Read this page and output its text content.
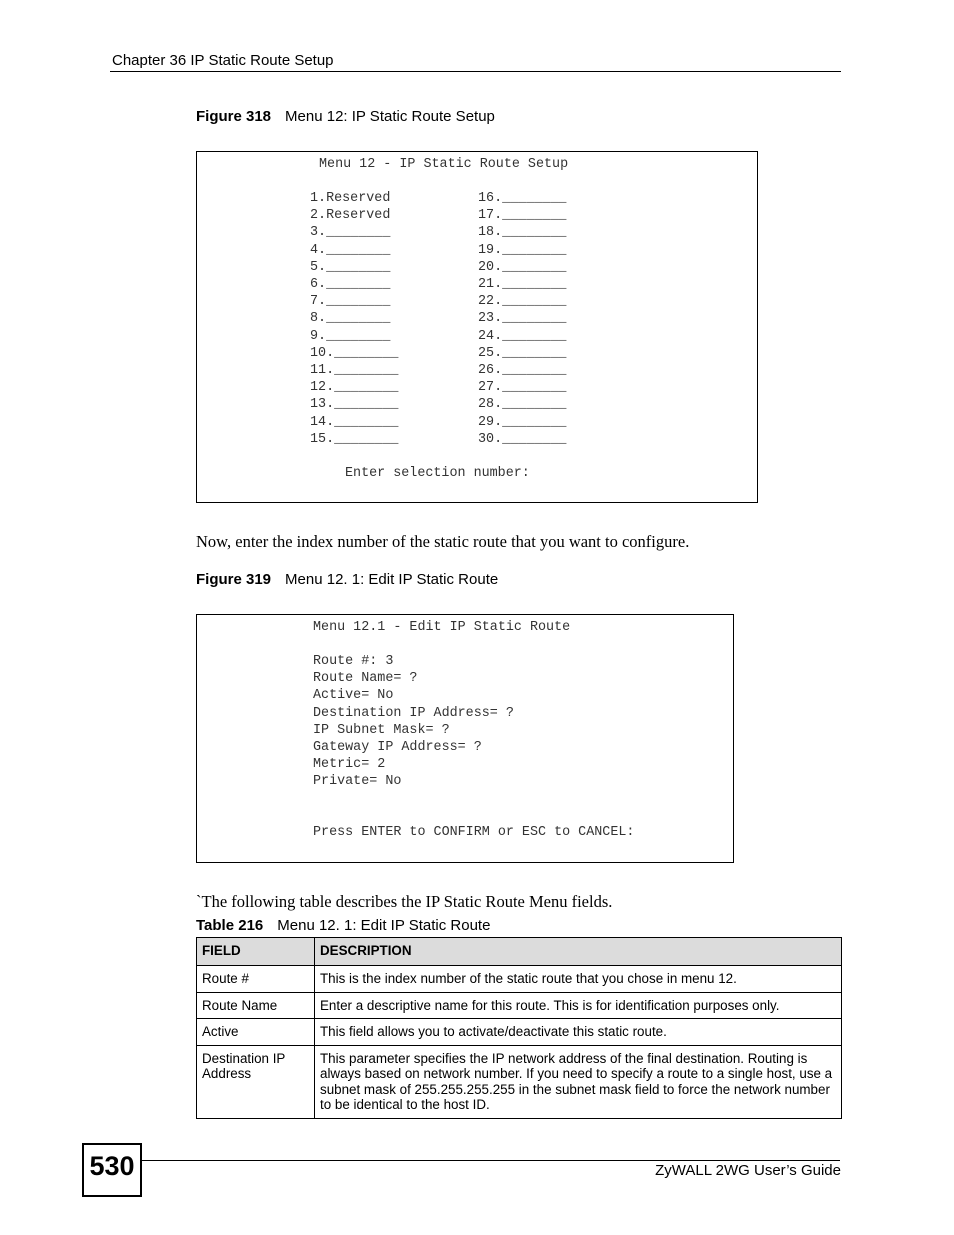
Chapter 36 IP Static Route Setup
Figure 318 Menu 12: IP Static Route Setup
Menu 12 - IP Static Route Setup
1.Reserved
2.Reserved
3.________
4.________
5.________
6.________
7.________
8.________
9.________
10.________
11.________
12.________
13.________
14.________
15.________
16.________
17.________
18.________
19.________
20.________
21.________
22.________
23.________
24.________
25.________
26.________
27.________
28.________
29.________
30.________
Enter selection number:
Now, enter the index number of the static route that you want to configure.
Figure 319 Menu 12. 1: Edit IP Static Route
Menu 12.1 - Edit IP Static Route
Route #: 3
Route Name= ?
Active= No
Destination IP Address= ?
IP Subnet Mask= ?
Gateway IP Address= ?
Metric= 2
Private= No
Press ENTER to CONFIRM or ESC to CANCEL:
`The following table describes the IP Static Route Menu fields.
Table 216 Menu 12. 1: Edit IP Static Route
FIELD	DESCRIPTION
Route #	This is the index number of the static route that you chose in menu 12.
Route Name	Enter a descriptive name for this route. This is for identification purposes only.
Active	This field allows you to activate/deactivate this static route.
Destination IP Address	This parameter specifies the IP network address of the final destination. Routing is always based on network number. If you need to specify a route to a single host, use a subnet mask of 255.255.255.255 in the subnet mask field to force the network number to be identical to the host ID.
530	ZyWALL 2WG User’s Guide
